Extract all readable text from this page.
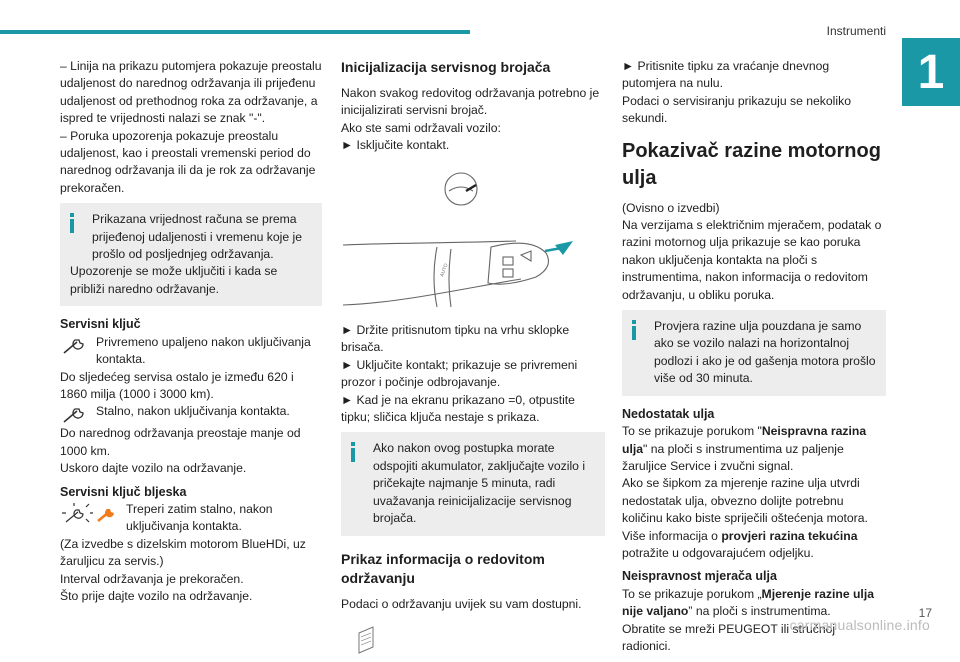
Instrumenti
1

– Linija na prikazu putomjera pokazuje preostalu udaljenost do narednog održavanja ili prijeđenu udaljenost od prethodnog roka za održavanje, a ispred te vrijednosti nalazi se znak "-".

– Poruka upozorenja pokazuje preostalu udaljenost, kao i preostali vremenski period do narednog održavanja ili da je rok za održavanje prekoračen.

Prikazana vrijednost računa se prema prijeđenoj udaljenosti i vremenu koje je prošlo od posljednjeg održavanja.

Upozorenje se može uključiti i kada se približi naredno održavanje.

Servisni ključ

Privremeno upaljeno nakon uključivanja kontakta.

Do sljedećeg servisa ostalo je između 620 i 1860 milja (1000 i 3000 km).

Stalno, nakon uključivanja kontakta.

Do narednog održavanja preostaje manje od 1000 km.

Uskoro dajte vozilo na održavanje.

Servisni ključ bljeska

Treperi zatim stalno, nakon uključivanja kontakta.

(Za izvedbe s dizelskim motorom BlueHDi, uz žaruljicu za servis.)

Interval održavanja je prekoračen.

Što prije dajte vozilo na održavanje.

Inicijalizacija servisnog brojača

Nakon svakog redovitog održavanja potrebno je inicijalizirati servisni brojač.

Ako ste sami održavali vozilo:

► Isključite kontakt.

AUTO

► Držite pritisnutom tipku na vrhu sklopke brisača.

► Uključite kontakt; prikazuje se privremeni prozor i počinje odbrojavanje.

► Kad je na ekranu prikazano =0, otpustite tipku; sličica ključa nestaje s prikaza.

Ako nakon ovog postupka morate odspojiti akumulator, zaključajte vozilo i pričekajte najmanje 5 minuta, radi uvažavanja reinicijalizacije servisnog brojača.

Prikaz informacija o redovitom održavanju

Podaci o održavanju uvijek su vam dostupni.

► Pritisnite tipku za vraćanje dnevnog putomjera na nulu.

Podaci o servisiranju prikazuju se nekoliko sekundi.

Pokazivač razine motornog ulja

(Ovisno o izvedbi)

Na verzijama s električnim mjeračem, podatak o razini motornog ulja prikazuje se kao poruka nakon uključenja kontakta na ploči s instrumentima, nakon informacija o redovitom održavanju, u obliku poruka.

Provjera razine ulja pouzdana je samo ako se vozilo nalazi na horizontalnoj podlozi i ako je od gašenja motora prošlo više od 30 minuta.

Nedostatak ulja

To se prikazuje porukom "Neispravna razina ulja" na ploči s instrumentima uz paljenje žaruljice Service i zvučni signal.

Ako se šipkom za mjerenje razine ulja utvrdi nedostatak ulja, obvezno dolijte potrebnu količinu kako biste spriječili oštećenja motora.

Više informacija o provjeri razina tekućina potražite u odgovarajućem odjeljku.

Neispravnost mjerača ulja

To se prikazuje porukom „Mjerenje razine ulja nije valjano” na ploči s instrumentima.

Obratite se mreži PEUGEOT ili stručnoj radionici.

carmanualsonline.info
17
